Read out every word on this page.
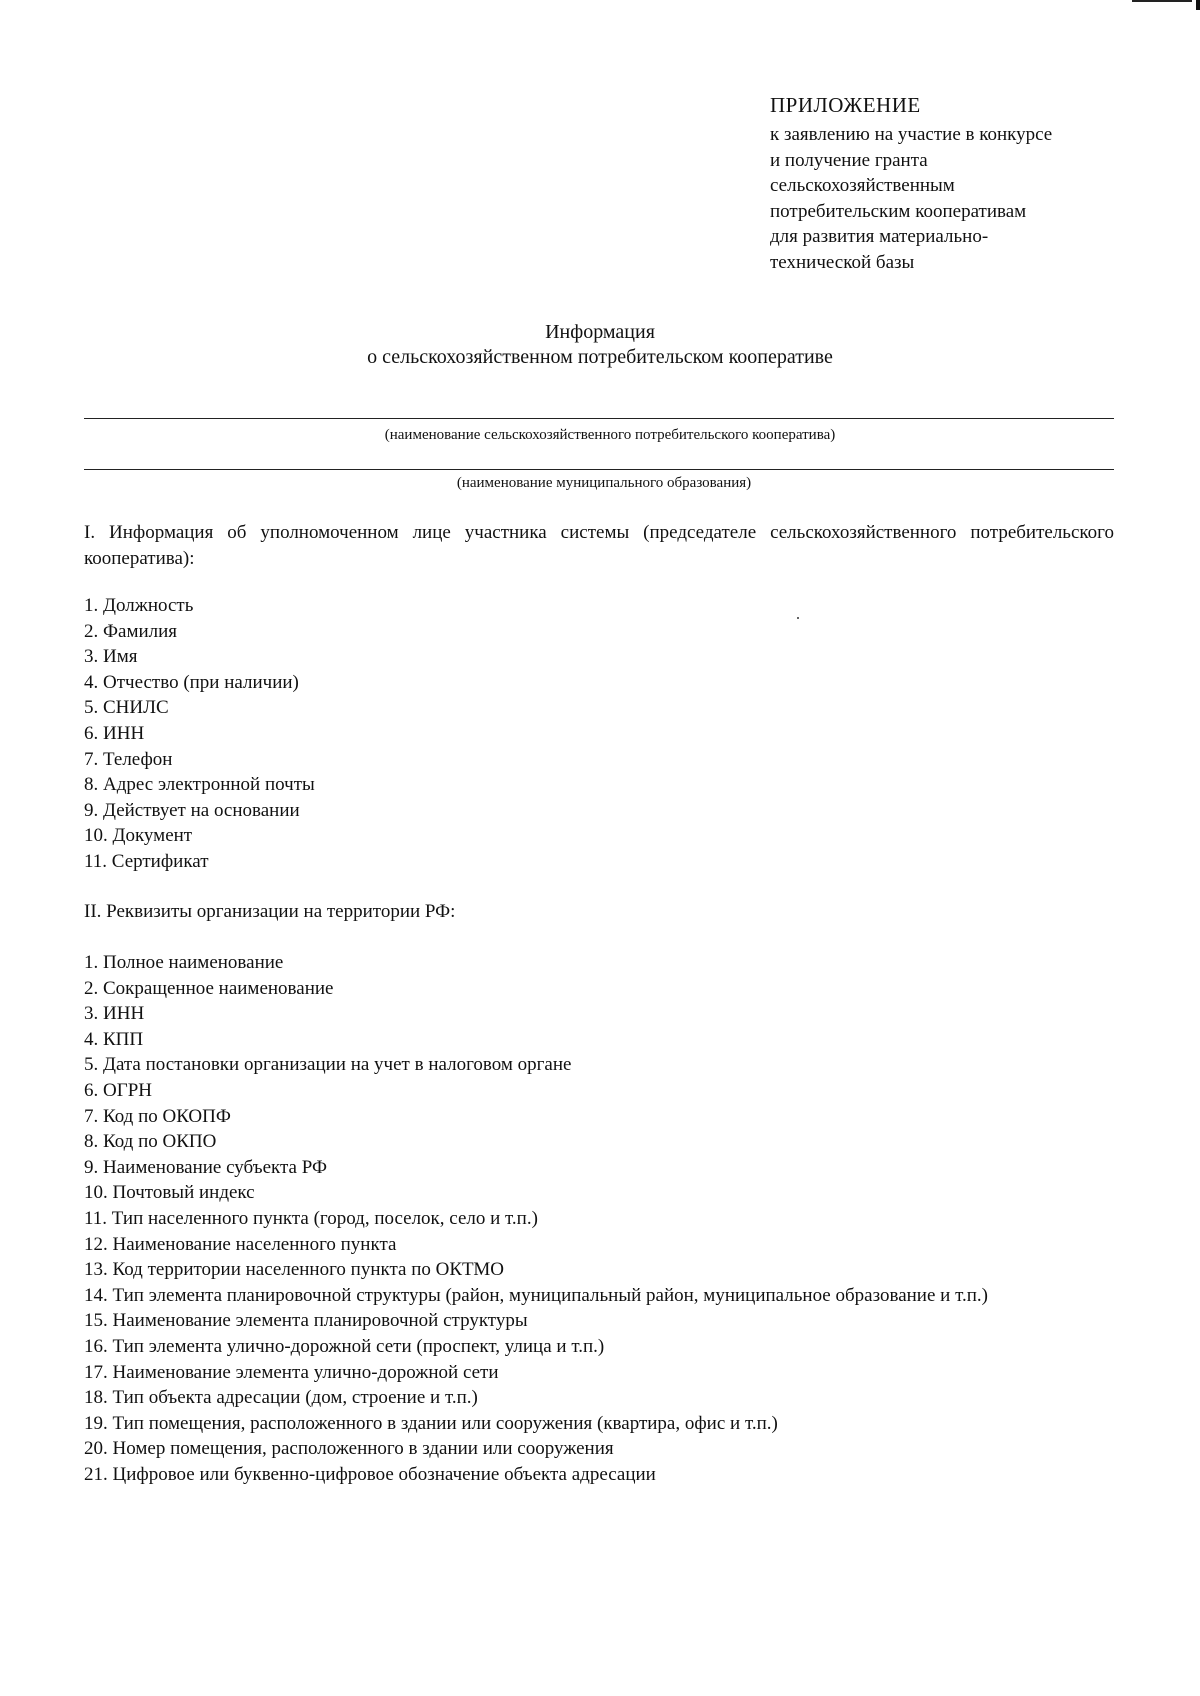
ПРИЛОЖЕНИЕ

к заявлению на участие в конкурсе

и получение гранта

сельскохозяйственным

потребительским кооперативам

для развития материально-

технической базы

Информация
о сельскохозяйственном потребительском кооперативе
(наименование сельскохозяйственного потребительского кооператива)
(наименование муниципального образования)
I. Информация об уполномоченном лице участника системы (председателе сельскохозяйственного потребительского кооператива):
1. Должность
2. Фамилия
3. Имя
4. Отчество (при наличии)
5. СНИЛС
6. ИНН
7. Телефон
8. Адрес электронной почты
9. Действует на основании
10. Документ
11. Сертификат
II. Реквизиты организации на территории РФ:
1. Полное наименование
2. Сокращенное наименование
3. ИНН
4. КПП
5. Дата постановки организации на учет в налоговом органе
6. ОГРН
7. Код по ОКОПФ
8. Код по ОКПО
9. Наименование субъекта РФ
10. Почтовый индекс
11. Тип населенного пункта (город, поселок, село и т.п.)
12. Наименование населенного пункта
13. Код территории населенного пункта по ОКТМО
14. Тип элемента планировочной структуры (район, муниципальный район, муниципальное образование и т.п.)
15. Наименование элемента планировочной структуры
16. Тип элемента улично-дорожной сети (проспект, улица и т.п.)
17. Наименование элемента улично-дорожной сети
18. Тип объекта адресации (дом, строение и т.п.)
19. Тип помещения, расположенного в здании или сооружения (квартира, офис и т.п.)
20. Номер помещения, расположенного в здании или сооружения
21. Цифровое или буквенно-цифровое обозначение объекта адресации
